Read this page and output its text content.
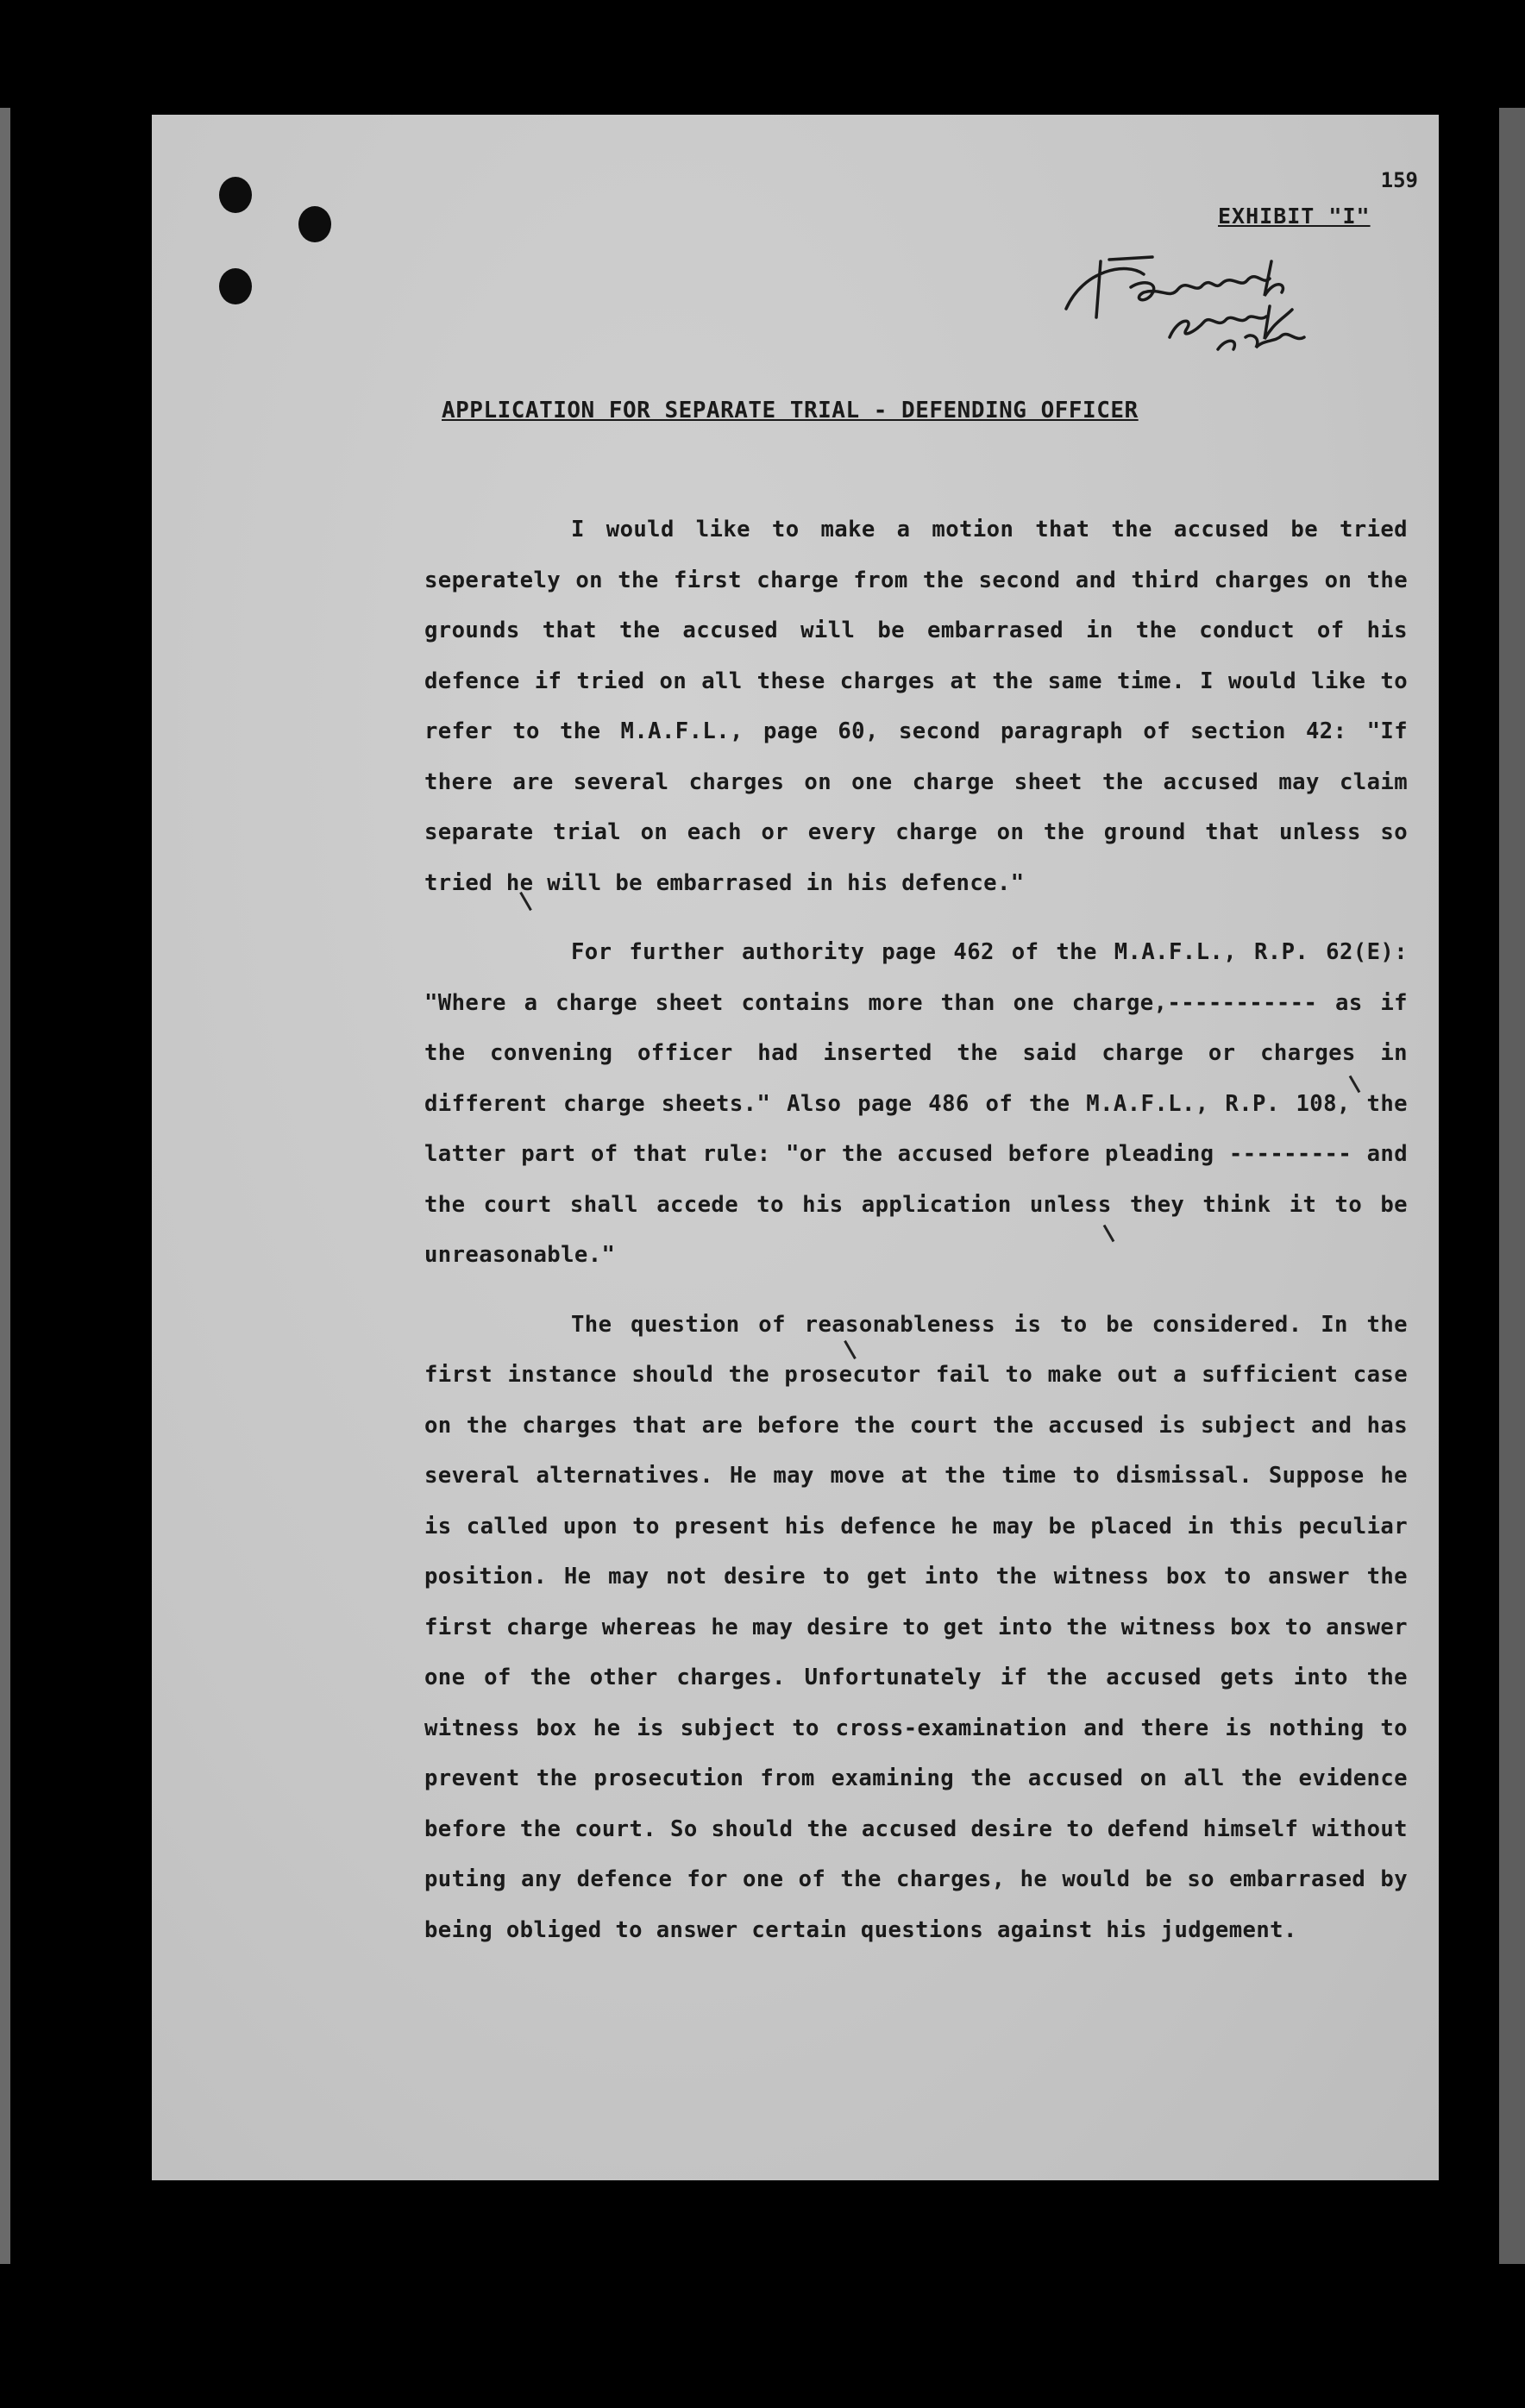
159
EXHIBIT "I"
APPLICATION FOR SEPARATE TRIAL - DEFENDING OFFICER

I would like to make a motion that the accused be tried seperately on the first charge from the second and third charges on the grounds that the accused will be embarrased in the conduct of his defence if tried on all these charges at the same time. I would like to refer to the M.A.F.L., page 60, second paragraph of section 42: "If there are several charges on one charge sheet the accused may claim separate trial on each or every charge on the ground that unless so tried he will be embarrased in his defence."

For further authority page 462 of the M.A.F.L., R.P. 62(E): "Where a charge sheet contains more than one charge,----------- as if the convening officer had inserted the said charge or charges in different charge sheets." Also page 486 of the M.A.F.L., R.P. 108, the latter part of that rule: "or the accused before pleading --------- and the court shall accede to his application unless they think it to be unreasonable."

The question of reasonableness is to be considered. In the first instance should the prosecutor fail to make out a sufficient case on the charges that are before the court the accused is subject and has several alternatives. He may move at the time to dismissal. Suppose he is called upon to present his defence he may be placed in this peculiar position. He may not desire to get into the witness box to answer the first charge whereas he may desire to get into the witness box to answer one of the other charges. Unfortunately if the accused gets into the witness box he is subject to cross-examination and there is nothing to prevent the prosecution from examining the accused on all the evidence before the court. So should the accused desire to defend himself without puting any defence for one of the charges, he would be so embarrased by being obliged to answer certain questions against his judgement.
